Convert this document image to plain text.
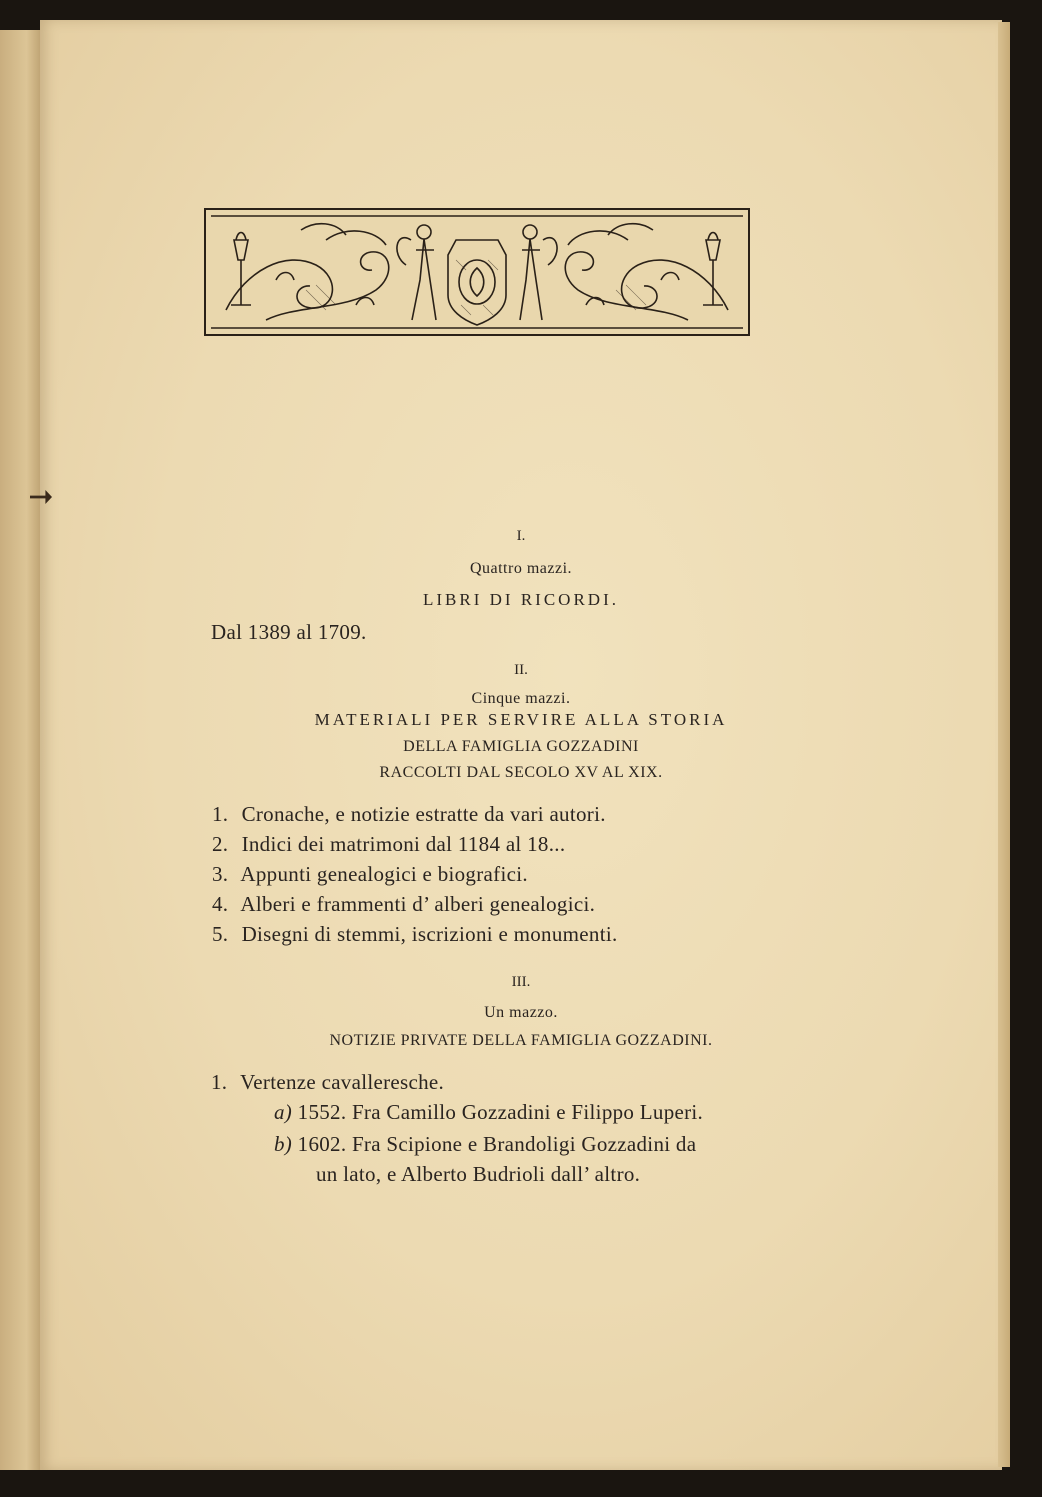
I.
Quattro mazzi.
LIBRI DI RICORDI.
Dal 1389 al 1709.
II.
Cinque mazzi.
MATERIALI PER SERVIRE ALLA STORIA
DELLA FAMIGLIA GOZZADINI
RACCOLTI DAL SECOLO XV AL XIX.
1. Cronache, e notizie estratte da vari autori.
2. Indici dei matrimoni dal 1184 al 18...
3. Appunti genealogici e biografici.
4. Alberi e frammenti d’ alberi genealogici.
5. Disegni di stemmi, iscrizioni e monumenti.
III.
Un mazzo.
NOTIZIE PRIVATE DELLA FAMIGLIA GOZZADINI.
1. Vertenze cavalleresche.
a) 1552. Fra Camillo Gozzadini e Filippo Luperi.
b) 1602. Fra Scipione e Brandoligi Gozzadini da
un lato, e Alberto Budrioli dall’ altro.
